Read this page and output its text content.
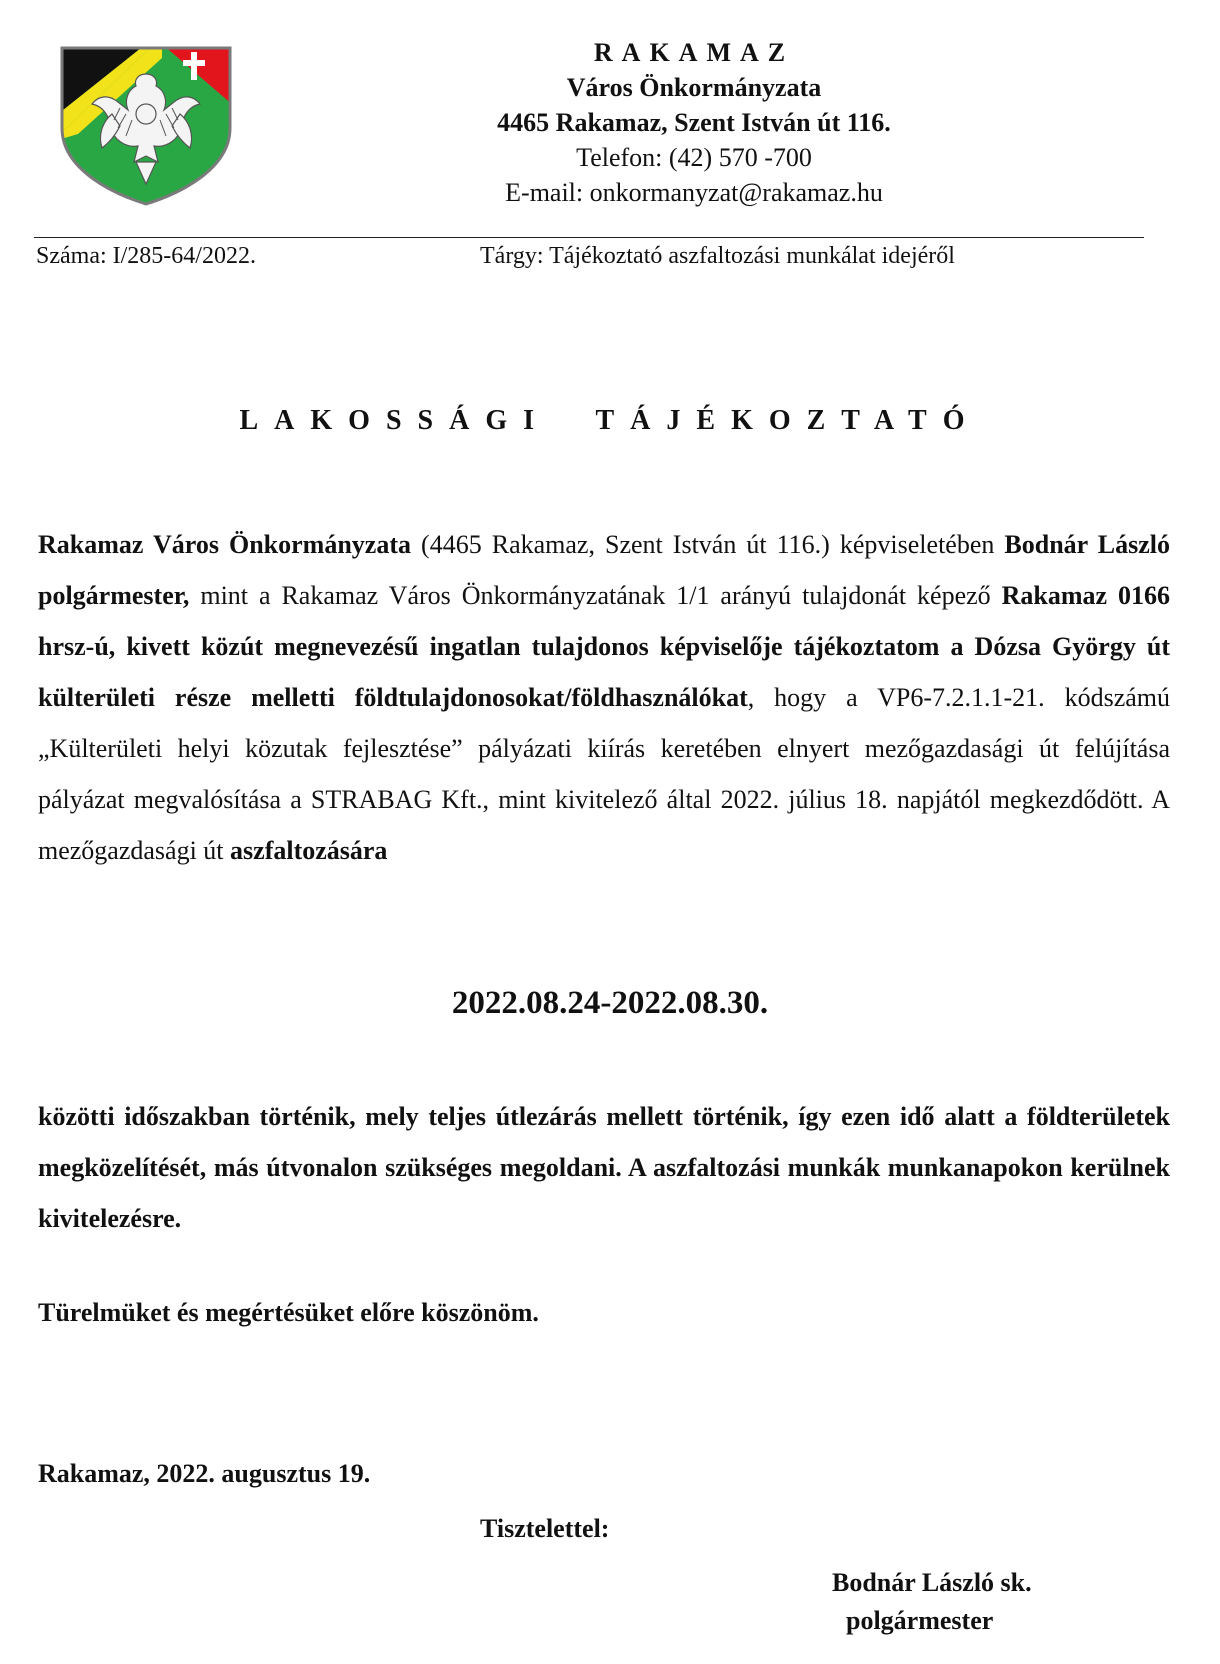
RAKAMAZ
Város Önkormányzata
4465 Rakamaz, Szent István út 116.
Telefon: (42) 570 -700
E-mail: onkormanyzat@rakamaz.hu
Száma: I/285-64/2022.	Tárgy: Tájékoztató aszfaltozási munkálat idejéről
LAKOSSÁGI  TÁJÉKOZTATÓ
Rakamaz Város Önkormányzata (4465 Rakamaz, Szent István út 116.) képviseletében Bodnár László polgármester, mint a Rakamaz Város Önkormányzatának 1/1 arányú tulajdonát képező Rakamaz 0166 hrsz-ú, kivett közút megnevezésű ingatlan tulajdonos képviselője tájékoztatom a Dózsa György út külterületi része melletti földtulajdonosokat/földhasználókat, hogy a VP6-7.2.1.1-21. kódszámú „Külterületi helyi közutak fejlesztése” pályázati kiírás keretében elnyert mezőgazdasági út felújítása pályázat megvalósítása a STRABAG Kft., mint kivitelező által 2022. július 18. napjától megkezdődött. A mezőgazdasági út aszfaltozására
2022.08.24-2022.08.30.
közötti időszakban történik, mely teljes útlezárás mellett történik, így ezen idő alatt a földterületek megközelítését, más útvonalon szükséges megoldani. A aszfaltozási munkák munkanapokon kerülnek kivitelezésre.
Türelmüket és megértésüket előre köszönöm.
Rakamaz, 2022. augusztus 19.
Tisztelettel:
Bodnár László sk.
polgármester
